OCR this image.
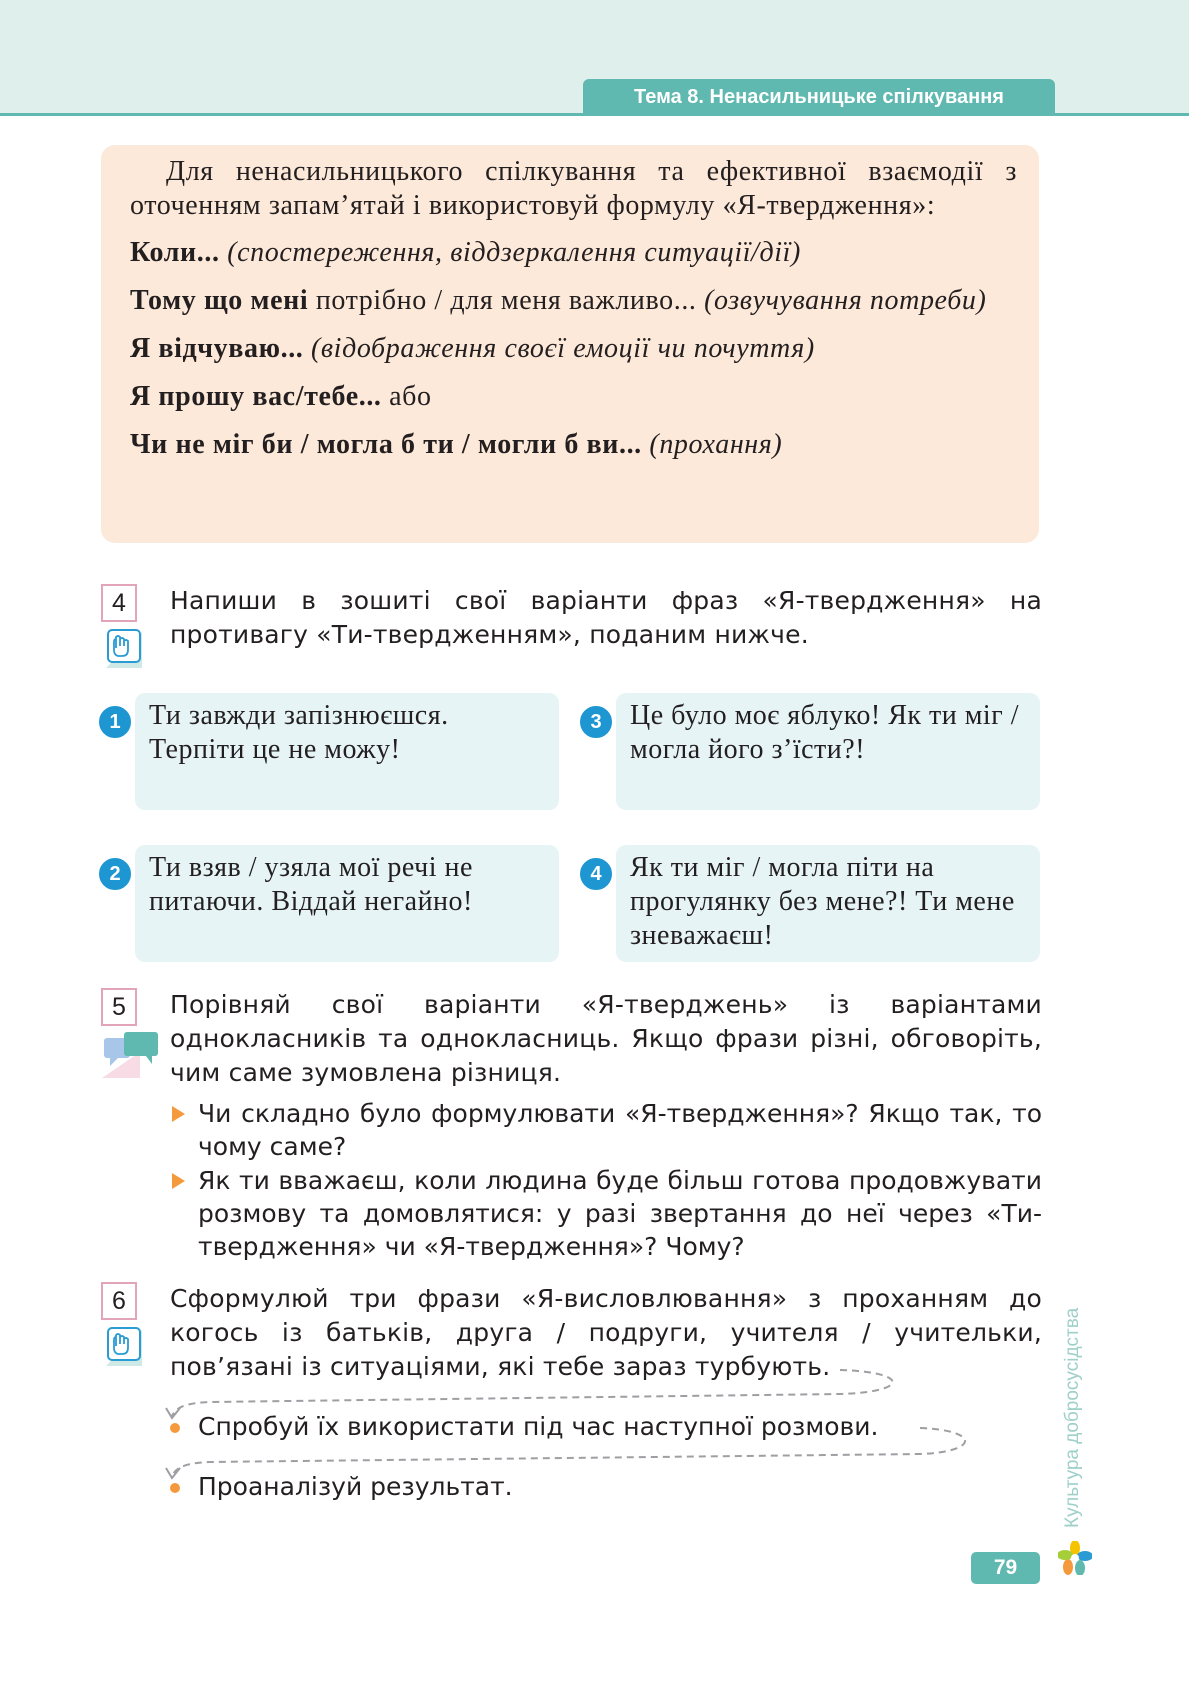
Тема 8. Ненасильницьке спілкування

Для ненасильницького спілкування та ефективної взаємодії з оточенням запам’ятай і використовуй формулу «Я-твердження»:

Коли... (спостереження, віддзеркалення ситуації/дії)

Тому що мені потрібно / для меня важливо... (озвучування потреби)

Я відчуваю... (відображення своєї емоції чи почуття)

Я прошу вас/тебе... або

Чи не міг би / могла б ти / могли б ви... (прохання)

4	Напиши в зошиті свої варіанти фраз «Я-твердження» на противагу «Ти-твердженням», поданим нижче.
Ти завжди запізнюєшся. Терпіти це не можу!
1	Це було моє яблуко! Як ти міг / могла його з’їсти?!
3
Ти взяв / узяла мої речі не питаючи. Віддай негайно!
2	Як ти міг / могла піти на прогулянку без мене?! Ти мене зневажаєш!
4
5	Порівняй свої варіанти «Я-тверджень» із варіантами однокласників та однокласниць. Якщо фрази різні, обговоріть, чим саме зумовлена різниця.
Чи складно було формулювати «Я-твердження»? Якщо так, то чому саме?
Як ти вважаєш, коли людина буде більш готова продовжувати розмову та домовлятися: у разі звертання до неї через «Ти-твердження» чи «Я-твердження»? Чому?
6	Сформулюй три фрази «Я-висловлювання» з проханням до когось із батьків, друга / подруги, учителя / учительки, пов’язані із ситуаціями, які тебе зараз турбують.
Спробуй їх використати під час наступної розмови.
Проаналізуй результат.	Культура добросусідства
79
